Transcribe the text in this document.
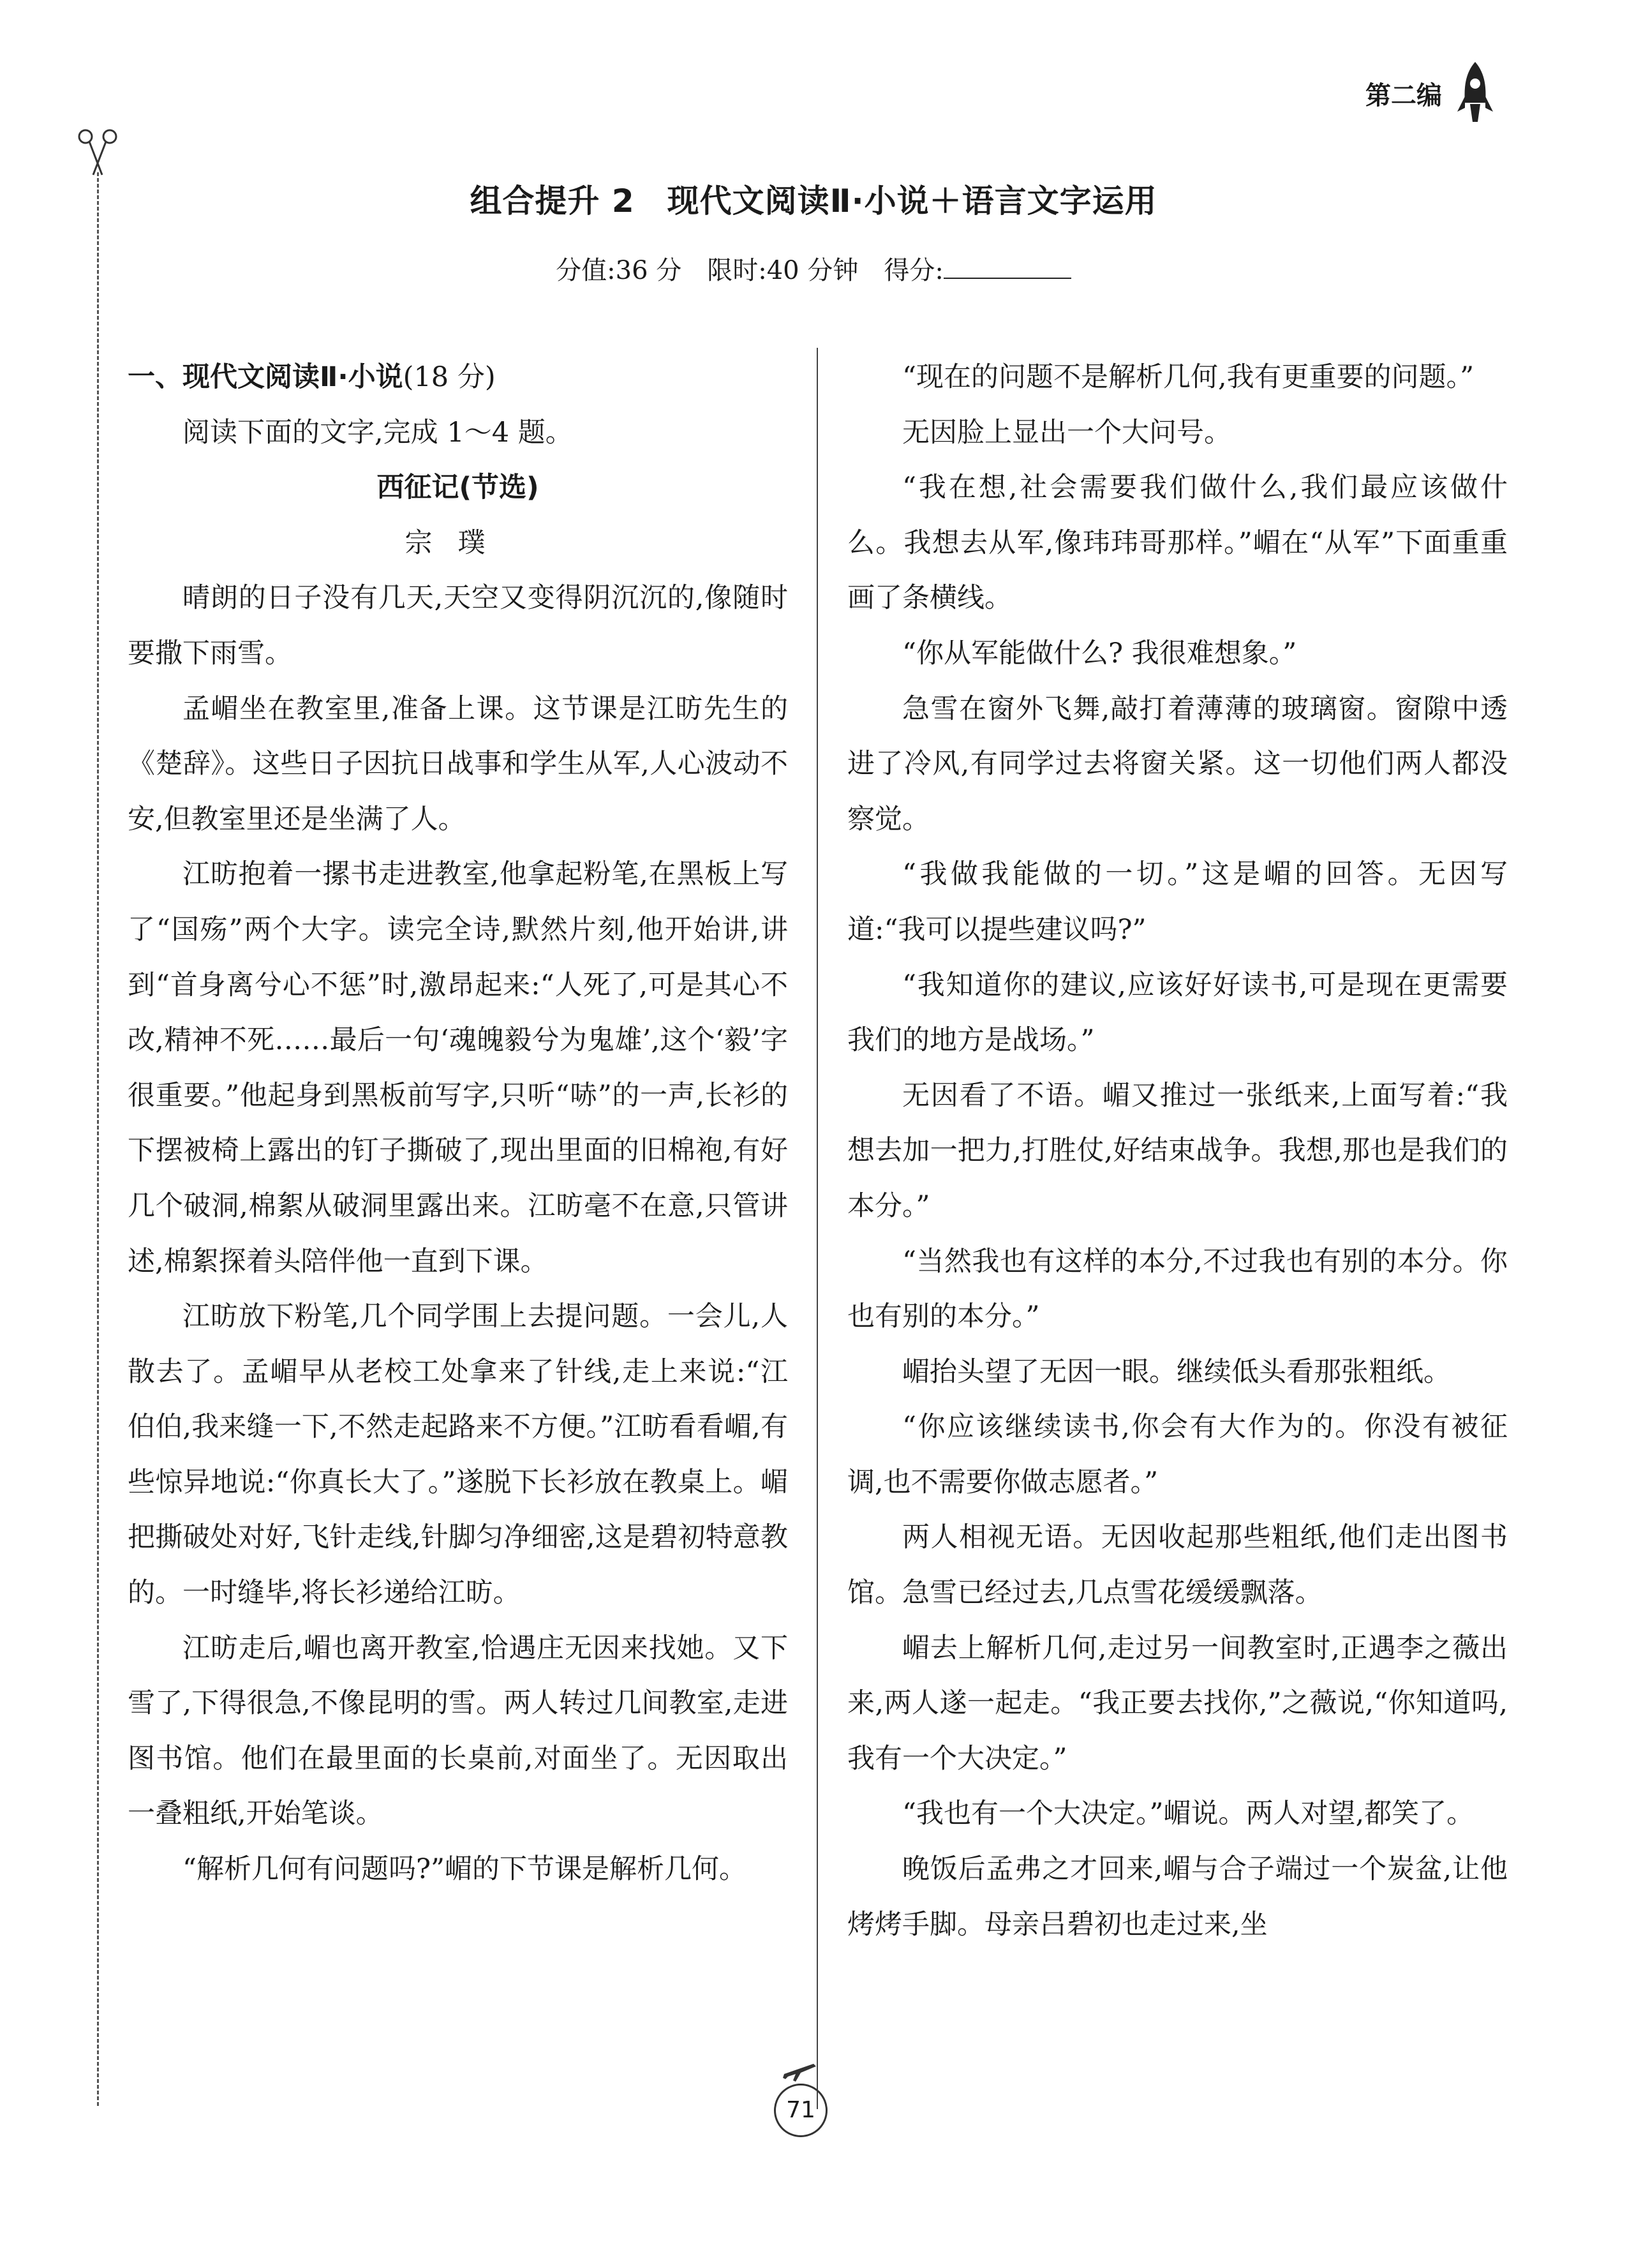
第二编
组合提升 2　现代文阅读Ⅱ·小说＋语言文字运用
分值:36 分　限时:40 分钟　得分:

一、现代文阅读Ⅱ·小说(18 分)

阅读下面的文字,完成 1～4 题。

西征记(节选)

宗璞

晴朗的日子没有几天,天空又变得阴沉沉的,像随时要撒下雨雪。

孟嵋坐在教室里,准备上课。这节课是江昉先生的《楚辞》。这些日子因抗日战事和学生从军,人心波动不安,但教室里还是坐满了人。

江昉抱着一摞书走进教室,他拿起粉笔,在黑板上写了“国殇”两个大字。读完全诗,默然片刻,他开始讲,讲到“首身离兮心不惩”时,激昂起来:“人死了,可是其心不改,精神不死……最后一句‘魂魄毅兮为鬼雄’,这个‘毅’字很重要。”他起身到黑板前写字,只听“哧”的一声,长衫的下摆被椅上露出的钉子撕破了,现出里面的旧棉袍,有好几个破洞,棉絮从破洞里露出来。江昉毫不在意,只管讲述,棉絮探着头陪伴他一直到下课。

江昉放下粉笔,几个同学围上去提问题。一会儿,人散去了。孟嵋早从老校工处拿来了针线,走上来说:“江伯伯,我来缝一下,不然走起路来不方便。”江昉看看嵋,有些惊异地说:“你真长大了。”遂脱下长衫放在教桌上。嵋把撕破处对好,飞针走线,针脚匀净细密,这是碧初特意教的。一时缝毕,将长衫递给江昉。

江昉走后,嵋也离开教室,恰遇庄无因来找她。又下雪了,下得很急,不像昆明的雪。两人转过几间教室,走进图书馆。他们在最里面的长桌前,对面坐了。无因取出一叠粗纸,开始笔谈。

“解析几何有问题吗?”嵋的下节课是解析几何。

“现在的问题不是解析几何,我有更重要的问题。”

无因脸上显出一个大问号。

“我在想,社会需要我们做什么,我们最应该做什么。我想去从军,像玮玮哥那样。”嵋在“从军”下面重重画了条横线。

“你从军能做什么? 我很难想象。”

急雪在窗外飞舞,敲打着薄薄的玻璃窗。窗隙中透进了冷风,有同学过去将窗关紧。这一切他们两人都没察觉。

“我做我能做的一切。”这是嵋的回答。无因写道:“我可以提些建议吗?”

“我知道你的建议,应该好好读书,可是现在更需要我们的地方是战场。”

无因看了不语。嵋又推过一张纸来,上面写着:“我想去加一把力,打胜仗,好结束战争。我想,那也是我们的本分。”

“当然我也有这样的本分,不过我也有别的本分。你也有别的本分。”

嵋抬头望了无因一眼。继续低头看那张粗纸。

“你应该继续读书,你会有大作为的。你没有被征调,也不需要你做志愿者。”

两人相视无语。无因收起那些粗纸,他们走出图书馆。急雪已经过去,几点雪花缓缓飘落。

嵋去上解析几何,走过另一间教室时,正遇李之薇出来,两人遂一起走。“我正要去找你,”之薇说,“你知道吗,我有一个大决定。”

“我也有一个大决定。”嵋说。两人对望,都笑了。

晚饭后孟弗之才回来,嵋与合子端过一个炭盆,让他烤烤手脚。母亲吕碧初也走过来,坐

71
